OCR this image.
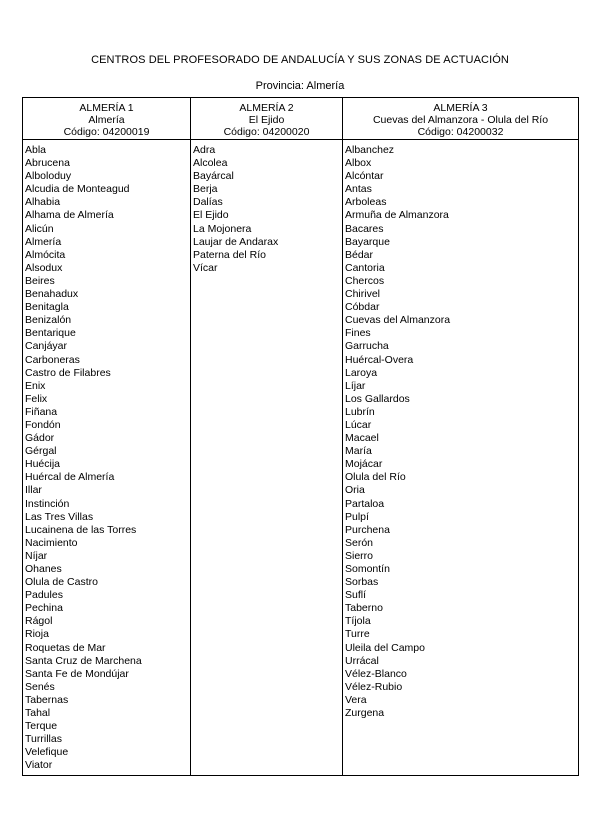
CENTROS DEL PROFESORADO DE ANDALUCÍA Y SUS ZONAS DE ACTUACIÓN
Provincia: Almería
ALMERÍA 1
Almería
Código: 04200019
Abla
Abrucena
Alboloduy
Alcudia de Monteagud
Alhabia
Alhama de Almería
Alicún
Almería
Almócita
Alsodux
Beires
Benahadux
Benitagla
Benizalón
Bentarique
Canjáyar
Carboneras
Castro de Filabres
Enix
Felix
Fiñana
Fondón
Gádor
Gérgal
Huécija
Huércal de Almería
Illar
Instinción
Las Tres Villas
Lucainena de las Torres
Nacimiento
Níjar
Ohanes
Olula de Castro
Padules
Pechina
Rágol
Rioja
Roquetas de Mar
Santa Cruz de Marchena
Santa Fe de Mondújar
Senés
Tabernas
Tahal
Terque
Turrillas
Velefique
Viator
ALMERÍA 2
El Ejido
Código: 04200020
Adra
Alcolea
Bayárcal
Berja
Dalías
El Ejido
La Mojonera
Laujar de Andarax
Paterna del Río
Vícar
ALMERÍA 3
Cuevas del Almanzora - Olula del Río
Código: 04200032
Albanchez
Albox
Alcóntar
Antas
Arboleas
Armuña de Almanzora
Bacares
Bayarque
Bédar
Cantoria
Chercos
Chirivel
Cóbdar
Cuevas del Almanzora
Fines
Garrucha
Huércal-Overa
Laroya
Líjar
Los Gallardos
Lubrín
Lúcar
Macael
María
Mojácar
Olula del Río
Oria
Partaloa
Pulpí
Purchena
Serón
Sierro
Somontín
Sorbas
Suflí
Taberno
Tíjola
Turre
Uleila del Campo
Urrácal
Vélez-Blanco
Vélez-Rubio
Vera
Zurgena
